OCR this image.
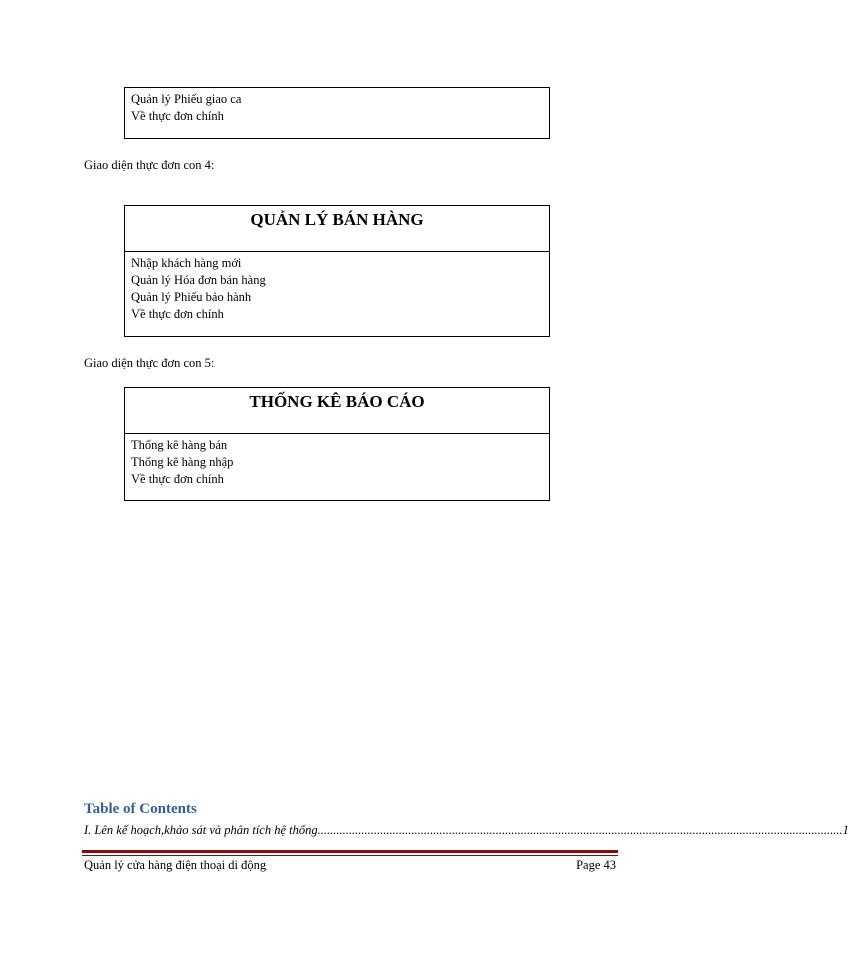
Quản lý Phiếu giao ca
Về thực đơn chính
Giao diện thực đơn con 4:
QUẢN LÝ BÁN HÀNG
Nhập khách hàng mới
Quản lý Hóa đơn bán hàng
Quản lý Phiếu bảo hành
Về thực đơn chính
Giao diện thực đơn con 5:
THỐNG KÊ BÁO CÁO
Thống kê hàng bán
Thống kê hàng nhập
Về thực đơn chính
Table of Contents
I. Lên kế hoạch,khảo sát và phân tích hệ thống ........................................................................................................................................................................ 1
Quản lý cửa hàng điện thoại di động	Page 43
